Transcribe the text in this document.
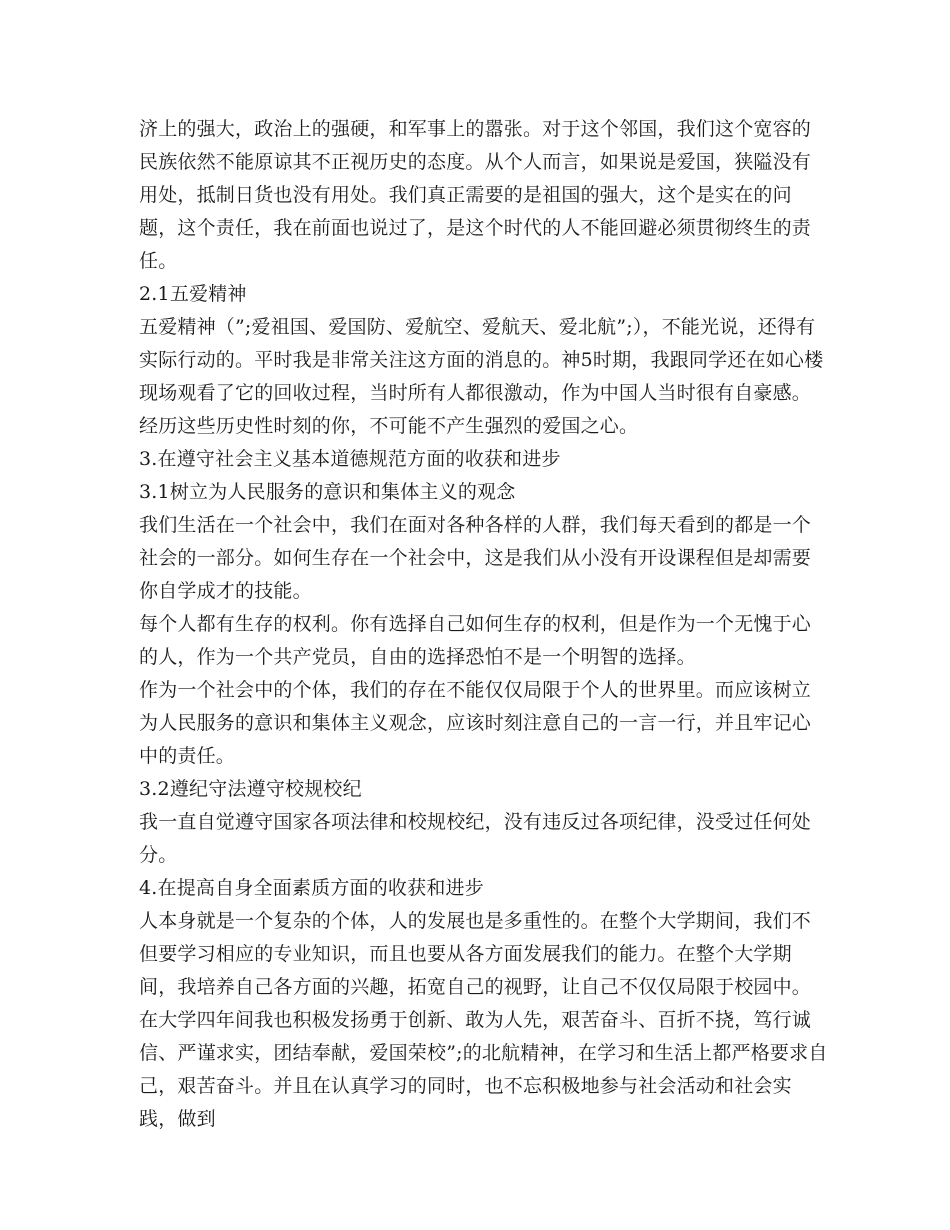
济上的强大，政治上的强硬，和军事上的嚣张。对于这个邻国，我们这个宽容的民族依然不能原谅其不正视历史的态度。从个人而言，如果说是爱国，狭隘没有用处，抵制日货也没有用处。我们真正需要的是祖国的强大，这个是实在的问题，这个责任，我在前面也说过了，是这个时代的人不能回避必须贯彻终生的责任。

2.1五爱精神

五爱精神（”;爱祖国、爱国防、爱航空、爱航天、爱北航”;），不能光说，还得有实际行动的。平时我是非常关注这方面的消息的。神5时期，我跟同学还在如心楼现场观看了它的回收过程，当时所有人都很激动，作为中国人当时很有自豪感。经历这些历史性时刻的你，不可能不产生强烈的爱国之心。

3.在遵守社会主义基本道德规范方面的收获和进步

3.1树立为人民服务的意识和集体主义的观念

我们生活在一个社会中，我们在面对各种各样的人群，我们每天看到的都是一个社会的一部分。如何生存在一个社会中，这是我们从小没有开设课程但是却需要你自学成才的技能。

每个人都有生存的权利。你有选择自己如何生存的权利，但是作为一个无愧于心的人，作为一个共产党员，自由的选择恐怕不是一个明智的选择。

作为一个社会中的个体，我们的存在不能仅仅局限于个人的世界里。而应该树立为人民服务的意识和集体主义观念，应该时刻注意自己的一言一行，并且牢记心中的责任。

3.2遵纪守法遵守校规校纪

我一直自觉遵守国家各项法律和校规校纪，没有违反过各项纪律，没受过任何处分。

4.在提高自身全面素质方面的收获和进步

人本身就是一个复杂的个体，人的发展也是多重性的。在整个大学期间，我们不但要学习相应的专业知识，而且也要从各方面发展我们的能力。在整个大学期间，我培养自己各方面的兴趣，拓宽自己的视野，让自己不仅仅局限于校园中。

在大学四年间我也积极发扬勇于创新、敢为人先，艰苦奋斗、百折不挠，笃行诚信、严谨求实，团结奉献，爱国荣校”;的北航精神，在学习和生活上都严格要求自己，艰苦奋斗。并且在认真学习的同时，也不忘积极地参与社会活动和社会实践，做到
